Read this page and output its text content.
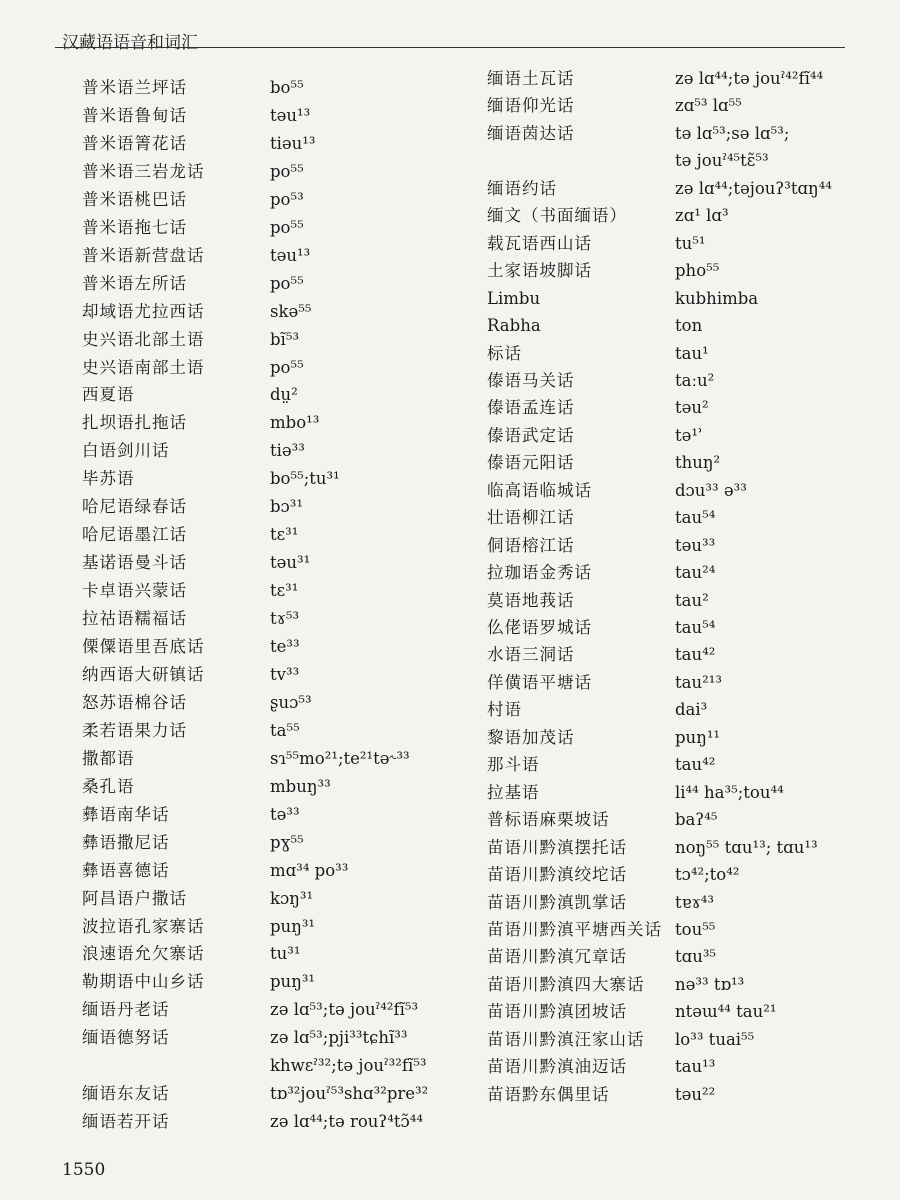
汉藏语语音和词汇
普米语兰坪话	bo⁵⁵
普米语鲁甸话	təu¹³
普米语箐花话	tiəu¹³
普米语三岩龙话	po⁵⁵
普米语桃巴话	po⁵³
普米语拖七话	po⁵⁵
普米语新营盘话	təu¹³
普米语左所话	po⁵⁵
却域语尤拉西话	skə⁵⁵
史兴语北部土语	bĩ⁵³
史兴语南部土语	po⁵⁵
西夏语	dṳ²
扎坝语扎拖话	mbo¹³
白语剑川话	tiə³³
毕苏语	bo⁵⁵;tu³¹
哈尼语绿春话	bɔ³¹
哈尼语墨江话	tɛ³¹
基诺语曼斗话	təu³¹
卡卓语兴蒙话	tɛ³¹
拉祜语糯福话	tɤ⁵³
傈僳语里吾底话	te³³
纳西语大研镇话	tv³³
怒苏语棉谷话	ʂuɔ⁵³
柔若语果力话	ta⁵⁵
撒都语	sɿ⁵⁵mo²¹;te²¹tə˞³³
桑孔语	mbuŋ³³
彝语南华话	tə³³
彝语撒尼话	pɣ⁵⁵
彝语喜德话	mɑ³⁴ po³³
阿昌语户撒话	kɔŋ³¹
波拉语孔家寨话	puŋ³¹
浪速语允欠寨话	tu³¹
勒期语中山乡话	puŋ³¹
缅语丹老话	zə lɑ⁵³;tə jouˀ⁴²fĩ⁵³
缅语德努话	zə lɑ⁵³;pji³³tɕhĩ³³
khwɛˀ³²;tə jouˀ³²fĩ⁵³
缅语东友话	tɒ³²jouˀ⁵³shɑ³²pre³²
缅语若开话	zə lɑ⁴⁴;tə rouʔ⁴tɔ̃⁴⁴
缅语土瓦话	zə lɑ⁴⁴;tə jouˀ⁴²fĩ⁴⁴
缅语仰光话	zɑ⁵³ lɑ⁵⁵
缅语茵达话	tə lɑ⁵³;sə lɑ⁵³;
tə jouˀ⁴⁵tɛ̃⁵³
缅语约话	zə lɑ⁴⁴;təjouʔ³tɑŋ⁴⁴
缅文（书面缅语）	zɑ¹ lɑ³
载瓦语西山话	tu⁵¹
土家语坡脚话	pho⁵⁵
Limbu	kubhimba
Rabha	ton
标话	tau¹
傣语马关话	taːu²
傣语孟连话	təu²
傣语武定话	tə¹ʾ
傣语元阳话	thuŋ²
临高语临城话	dɔu³³ ə³³
壮语柳江话	tau⁵⁴
侗语榕江话	təu³³
拉珈语金秀话	tau²⁴
莫语地莪话	tau²
仫佬语罗城话	tau⁵⁴
水语三洞话	tau⁴²
佯僙语平塘话	tau²¹³
村语	dai³
黎语加茂话	puŋ¹¹
那斗语	tau⁴²
拉基语	li⁴⁴ ha³⁵;tou⁴⁴
普标语麻栗坡话	baʔ⁴⁵
苗语川黔滇摆托话	noŋ⁵⁵ tɑu¹³; tɑu¹³
苗语川黔滇绞坨话	tɔ⁴²;to⁴²
苗语川黔滇凯掌话	tɐɤ⁴³
苗语川黔滇平塘西关话 tou⁵⁵
苗语川黔滇冗章话	tɑu³⁵
苗语川黔滇四大寨话 nə³³ tɒ¹³
苗语川黔滇团坡话	ntəɯ⁴⁴ tau²¹
苗语川黔滇汪家山话 lo³³ tuai⁵⁵
苗语川黔滇油迈话	tau¹³
苗语黔东偶里话	təu²²
1550
